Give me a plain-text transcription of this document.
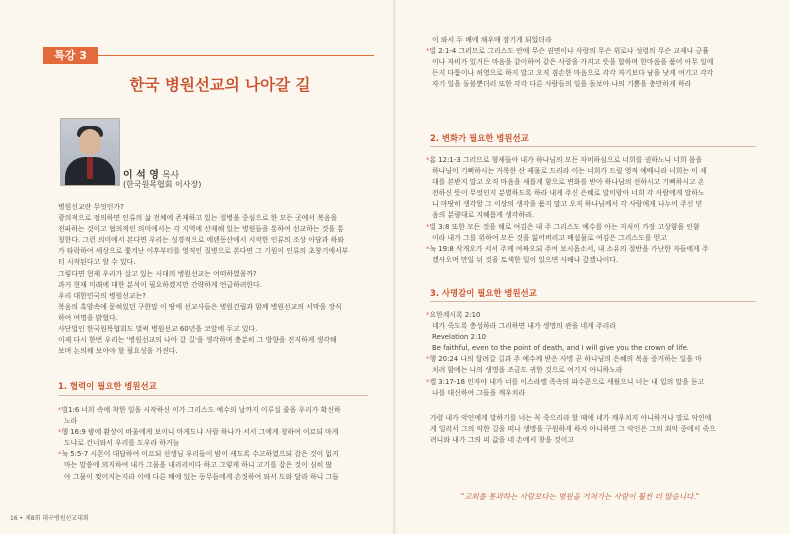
특강 3
한국 병원선교의 나아갈 길
이 석 영 목사
(한국원목협회 이사장)

병원선교란 무엇인가?

광의적으로 정의하면 인류의 삶 전체에 존재하고 있는 질병을 중심으로 한 모든 곳에서 복음을

전파하는 것이고 협의적인 의미에서는 각 지역에 산재해 있는 병원들을 통하여 선교하는 것을 통

칭한다. 그런 의미에서 본다면 우리는 성경적으로 에덴동산에서 시작한 인류의 조상 아담과 하와

가 타락하여 세상으로 쫓겨난 이후부터를 영적인 질병으로 본다면 그 기원이 인류의 초창기에서부

터 시작된다고 할 수 있다.

그렇다면 현재 우리가 살고 있는 시대의 병원선교는 어떠하였을까?

과거 현재 미래에 대한 분석이 필요하겠지만 간략하게 언급하려한다.

우리 대한민국의 병원선교는?

복음의 흑암속에 묻혀있던 구한말 이 땅에 선교사들은 병원건립과 함께 병원선교의 서막을 장식

하여 여명을 밝혔다.

사단법인 한국원목협회도 벌써 병원선교 60년을 코앞에 두고 있다.

이제 다시 한번 우리는 '병원선교의 나아 갈 길'을 생각하며 충분히 그 방향을 진지하게 생각해

보며 논의해 보아야 할 필요성을 가진다.

1. 협력이 필요한 병원선교

*빌1:6 너희 속에 착한 일을 시작하신 이가 그리스도 예수의 날까지 이루실 줄을 우리가 확신하

노라

*행 16:9 밤에 환상이 바울에게 보이니 마게도냐 사람 하나가 서서 그에게 청하여 이르되 마게

도냐로 건너와서 우리를 도우라 하거늘

*눅 5:5-7 시몬이 대답하여 이르되 선생님 우리들이 밤이 새도록 수고하였으되 잡은 것이 없지

마는 말씀에 의지하여 내가 그물을 내리리이다 하고 그렇게 하니 고기를 잡은 것이 심히 많

아 그물이 찢어지는지라 이에 다른 배에 있는 동무들에게 손짓하여 와서 도와 달라 하니 그들

16 • 제8회 대구병원선교대회

이 와서 두 배에 채우매 잠기게 되었더라

*빌 2:1-4 그러므로 그리스도 안에 무슨 권면이나 사랑의 무슨 위로나 성령의 무슨 교제나 긍휼

이나 자비가 있거든 마음을 같이하여 같은 사랑을 가지고 뜻을 합하며 한마음을 품어 아무 일에

든지 다툼이나 허영으로 하지 말고 오직 겸손한 마음으로 각각 자기보다 남을 낫게 여기고 각각

자기 일을 돌볼뿐더러 또한 각각 다른 사람들의 일을 돌보아 나의 기쁨을 충만하게 하라

2. 변화가 필요한 병원선교

*롬 12:1-3 그러므로 형제들아 내가 하나님의 모든 자비하심으로 너희를 권하노니 너희 몸을

하나님이 기뻐하시는 거룩한 산 제물로 드리라 이는 너희가 드릴 영적 예배니라 너희는 이 세

대를 본받지 말고 오직 마음을 새롭게 함으로 변화를 받아 하나님의 선하시고 기뻐하시고 온

전하신 뜻이 무엇인지 분별하도록 하라 내게 주신 은혜로 말미암아 너희 각 사람에게 말하노

니 마땅히 생각할 그 이상의 생각을 품지 말고 오직 하나님께서 각 사람에게 나누어 주신 믿

음의 분량대로 지혜롭게 생각하라.

*빌 3:8 또한 모든 것을 해로 여김은 내 주 그리스도 예수를 아는 지식이 가장 고상함을 인함

이라 내가 그를 위하여 모든 것을 잃어버리고 배설물로 여김은 그리스도를 얻고

*눅 19:8 삭개오가 서서 주께 여짜오되 주여 보시옵소서, 내 소유의 절반을 가난한 자들에게 주

겠사오며 만일 뉘 것을 토색한 일이 있으면 사배나 갚겠나이다.

3. 사명감이 필요한 병원선교

*요한계시록 2:10

네가 죽도록 충성하라 그리하면 내가 생명의 관을 네게 주리라

Revelation 2:10

Be faithful, even to the point of death, and I will give you the crown of life.

*행 20:24 나의 달려갈 길과 주 예수께 받은 사명 곧 하나님의 은혜의 복음 증거하는 일을 마

치려 함에는 나의 생명을 조금도 귀한 것으로 여기지 아니하노라

*겔 3:17-18 인자야 내가 너를 이스라엘 족속의 파수꾼으로 세웠으니 너는 내 입의 말을 듣고

나를 대신하여 그들을 깨우치라

가령 내가 악인에게 말하기를 너는 꼭 죽으리라 할 때에 네가 깨우치지 아니하거나 말로 악인에

게 일러서 그의 악한 길을 떠나 생명을 구원하게 하지 아니하면 그 악인은 그의 죄악 중에서 죽으

려니와 내가 그의 피 값을 네 손에서 찾을 것이고

"교회를 통과하는 사람보다는 병원을 거쳐가는 사람이 훨씬 더 많습니다."
